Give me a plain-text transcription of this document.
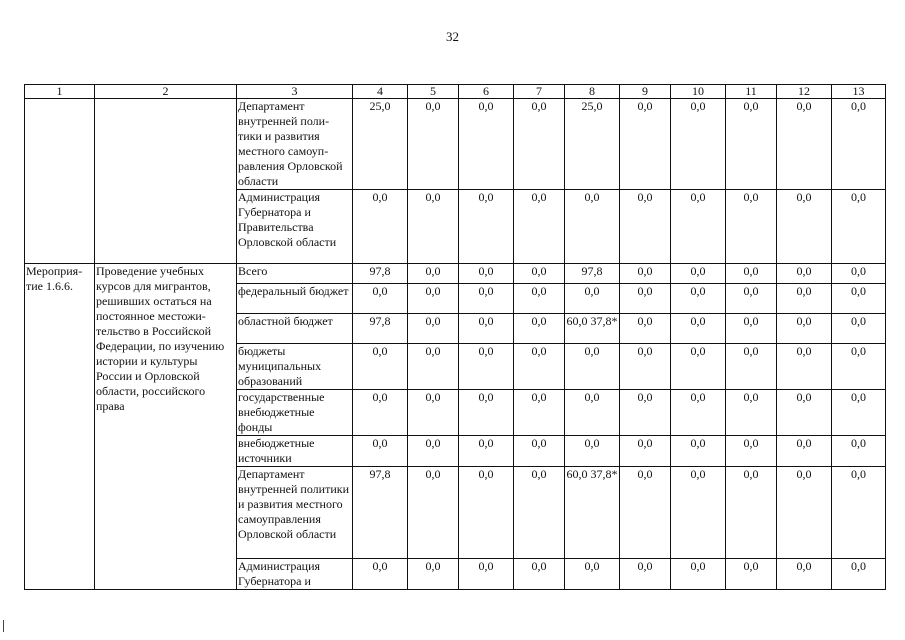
32
1	2	3	4	5	6	7	8	9	10	11	12	13
		Департамент внутренней поли-тики и развития местного самоуп-равления Орловской области	25,0	0,0	0,0	0,0	25,0	0,0	0,0	0,0	0,0	0,0
		Администрация Губернатора и Правительства Орловской области	0,0	0,0	0,0	0,0	0,0	0,0	0,0	0,0	0,0	0,0
Мероприя-тие 1.6.6.	Проведение учебных курсов для мигрантов, решивших остаться на постоянное местожи-тельство в Российской Федерации, по изучению истории и культуры России и Орловской области, российского права	Всего	97,8	0,0	0,0	0,0	97,8	0,0	0,0	0,0	0,0	0,0
		федеральный бюджет	0,0	0,0	0,0	0,0	0,0	0,0	0,0	0,0	0,0	0,0
		областной бюджет	97,8	0,0	0,0	0,0	60,0 37,8*	0,0	0,0	0,0	0,0	0,0
		бюджеты муниципальных образований	0,0	0,0	0,0	0,0	0,0	0,0	0,0	0,0	0,0	0,0
		государственные внебюджетные фонды	0,0	0,0	0,0	0,0	0,0	0,0	0,0	0,0	0,0	0,0
		внебюджетные источники	0,0	0,0	0,0	0,0	0,0	0,0	0,0	0,0	0,0	0,0
		Департамент внутренней политики и развития местного самоуправления Орловской области	97,8	0,0	0,0	0,0	60,0 37,8*	0,0	0,0	0,0	0,0	0,0
		Администрация Губернатора и	0,0	0,0	0,0	0,0	0,0	0,0	0,0	0,0	0,0	0,0
